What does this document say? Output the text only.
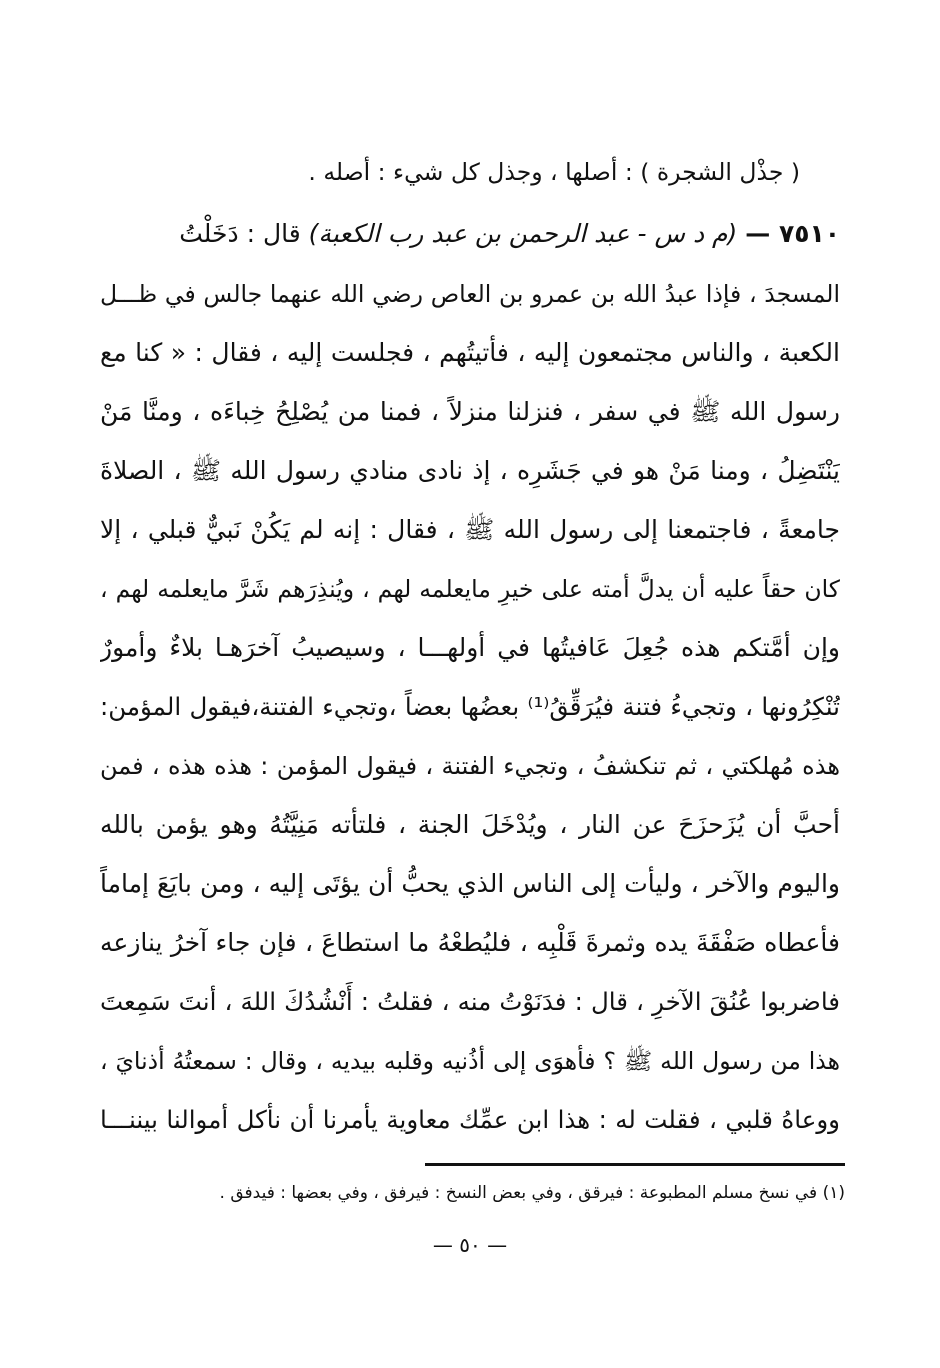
( جذْل الشجرة ) : أصلها ، وجذل كل شيء : أصله .
٧٥١٠ — (م د س - عبد الرحمن بن عبد رب الكعبة) قال : دَخَلْتُ
المسجدَ ، فإذا عبدُ الله بن عمرو بن العاص رضي الله عنهما جالس في ظـــل
الكعبة ، والناس مجتمعون إليه ، فأتيتُهم ، فجلست إليه ، فقال : « كنا مع
رسول الله ﷺ في سفر ، فنزلنا منزلاً ، فمنا من يُصْلِحُ خِباءَه ، ومنَّا مَنْ
يَنْتَضِلُ ، ومنا مَنْ هو في جَشَرِه ، إذ نادى منادي رسول الله ﷺ ، الصلاةَ
جامعةً ، فاجتمعنا إلى رسول الله ﷺ ، فقال : إنه لم يَكُنْ نَبيٌّ قبلي ، إلا
كان حقاً عليه أن يدلَّ أمته على خيرِ مايعلمه لهم ، ويُنذِرَهم شَرَّ مايعلمه لهم ،
وإن أمَّتكم هذه جُعِلَ عَافيتُها في أولهـــا ، وسيصيبُ آخرَهـا بلاءٌ وأمورٌ
تُنْكِرُونها ، وتجيءُ فتنة فيُرَقِّقُ⁽¹⁾ بعضُها بعضاً ،وتجيء الفتنة،فيقول المؤمن:
هذه مُهلكتي ، ثم تنكشفُ ، وتجيء الفتنة ، فيقول المؤمن : هذه هذه ، فمن
أحبَّ أن يُزَحزَحَ عن النار ، ويُدْخَلَ الجنة ، فلتأته مَنِيَّتُهُ وهو يؤمن بالله
واليوم والآخر ، وليأت إلى الناس الذي يحبُّ أن يؤتَى إليه ، ومن بايَعَ إماماً
فأعطاه صَفْقَةَ يده وثمرةَ قَلْبِه ، فليُطعْهُ ما استطاعَ ، فإن جاء آخرُ ينازعه
فاضربوا عُنُقَ الآخرِ ، قال : فدَنَوْتُ منه ، فقلتُ : أَنْشُدُكَ اللهَ ، أنتَ سَمِعتَ
هذا من رسول الله ﷺ ؟ فأهوَى إلى أذُنيه وقلبه بيديه ، وقال : سمعتُهُ أذنايَ ،
ووعاهُ قلبي ، فقلت له : هذا ابن عمِّك معاوية يأمرنا أن نأكل أموالنا بيننـــا
(١) في نسخ مسلم المطبوعة : فيرقق ، وفي بعض النسخ : فيرفق ، وفي بعضها : فيدفق .
— ٥٠ —
